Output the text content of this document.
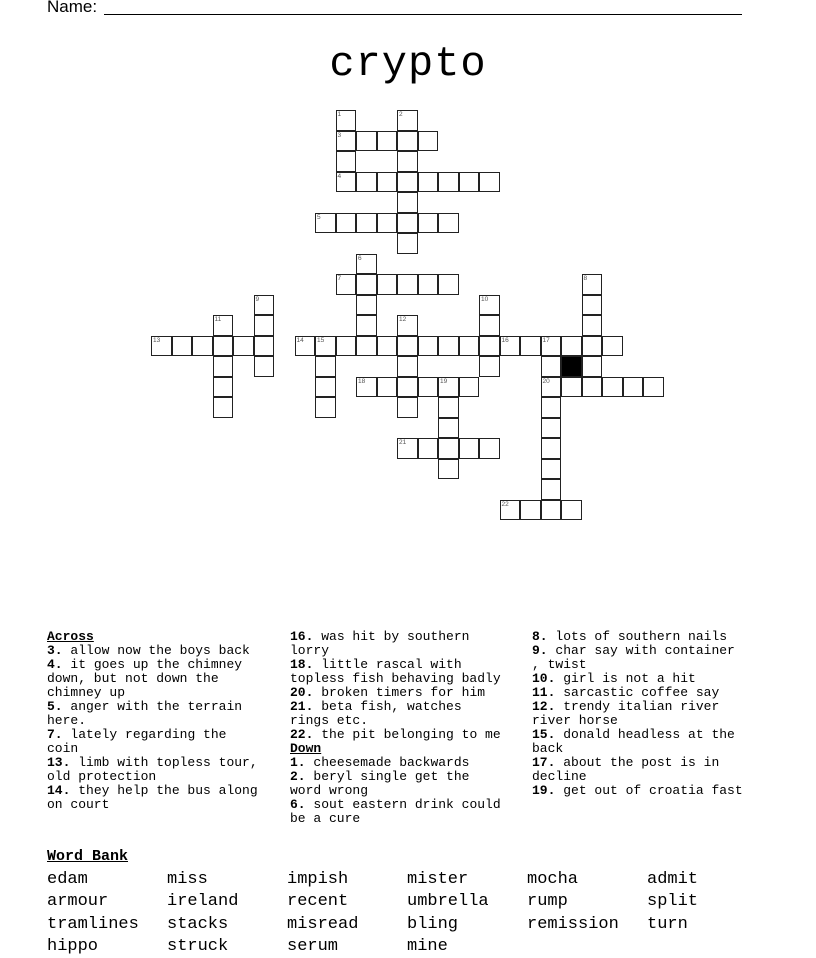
Name:
crypto
1
3
4
2
5
6
7	8
9	10
11	12
13	14 15	16	17
20
18	19
21
22
Across
3. allow now the boys back
4. it goes up the chimney down, but not down the chimney up
5. anger with the terrain here.
7. lately regarding the coin
13. limb with topless tour, old protection
14. they help the bus along on court
16. was hit by southern lorry
18. little rascal with topless fish behaving badly
20. broken timers for him
21. beta fish, watches rings etc.
22. the pit belonging to me
Down
1. cheesemade backwards
2. beryl single get the word wrong
6. sout eastern drink could be a cure
8. lots of southern nails
9. char say with container , twist
10. girl is not a hit
11. sarcastic coffee say
12. trendy italian river river horse
15. donald headless at the back
17. about the post is in decline
19. get out of croatia fast
Word Bank
edam	miss	impish	mister	mocha	admit
armour	ireland	recent	umbrella rump	split
tramlines stacks	misread	bling	remission turn
hippo	struck	serum	mine
